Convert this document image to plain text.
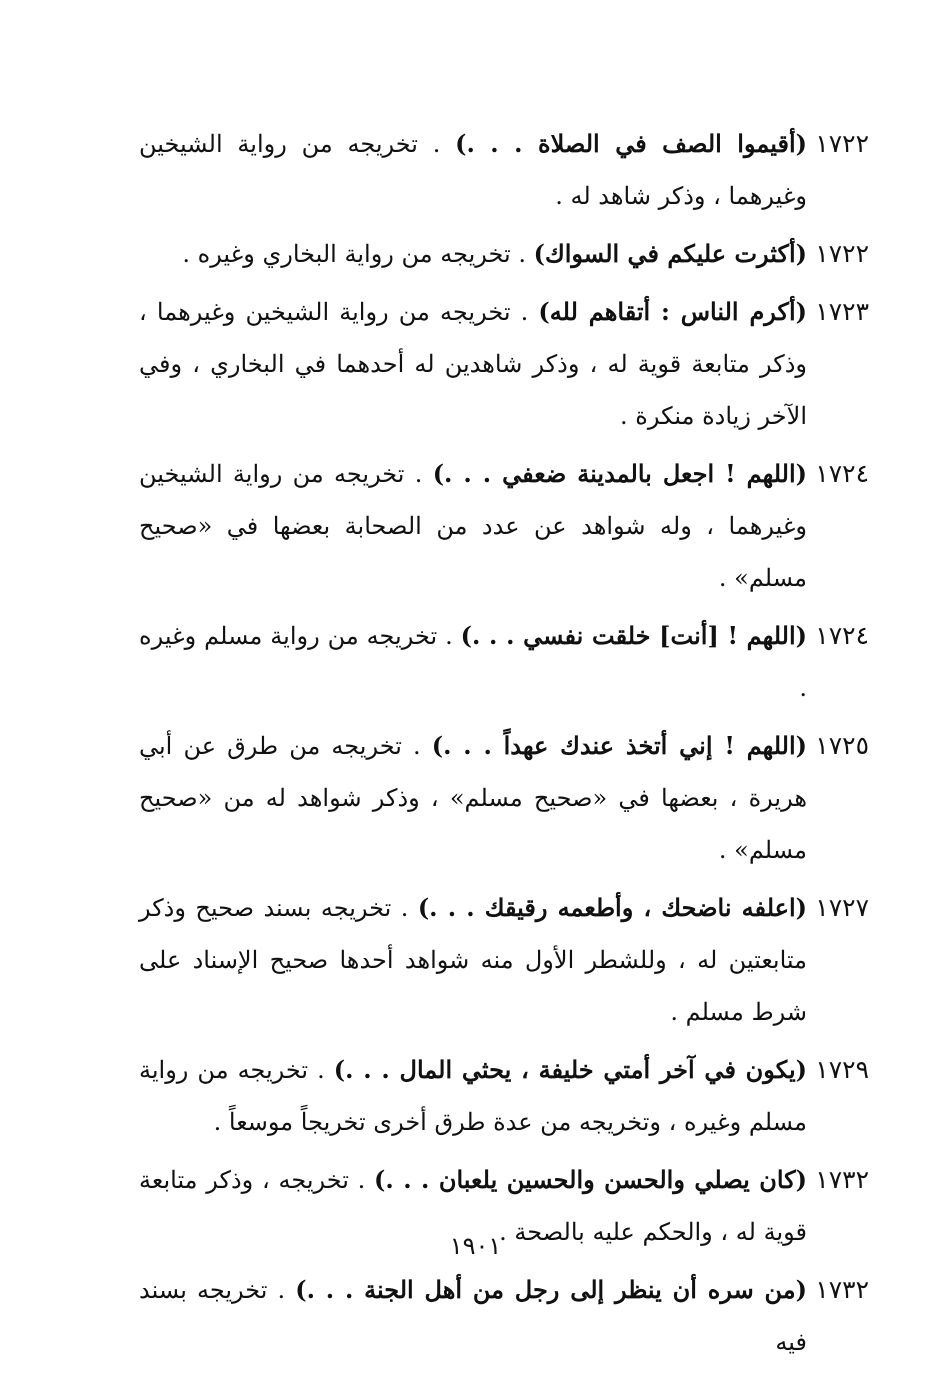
١٧٢٢
(أقيموا الصف في الصلاة . . .) . تخريجه من رواية الشيخين وغيرهما ، وذكر شاهد له .
١٧٢٢
(أكثرت عليكم في السواك) . تخريجه من رواية البخاري وغيره .
١٧٢٣
(أكرم الناس : أتقاهم لله) . تخريجه من رواية الشيخين وغيرهما ، وذكر متابعة قوية له ، وذكر شاهدين له أحدهما في البخاري ، وفي الآخر زيادة منكرة .
١٧٢٤
(اللهم ! اجعل بالمدينة ضعفي . . .) . تخريجه من رواية الشيخين وغيرهما ، وله شواهد عن عدد من الصحابة بعضها في «صحيح مسلم» .
١٧٢٤
(اللهم ! [أنت] خلقت نفسي . . .) . تخريجه من رواية مسلم وغيره .
١٧٢٥
(اللهم ! إني أتخذ عندك عهداً . . .) . تخريجه من طرق عن أبي هريرة ، بعضها في «صحيح مسلم» ، وذكر شواهد له من «صحيح مسلم» .
١٧٢٧
(اعلفه ناضحك ، وأطعمه رقيقك . . .) . تخريجه بسند صحيح وذكر متابعتين له ، وللشطر الأول منه شواهد أحدها صحيح الإسناد على شرط مسلم .
١٧٢٩
(يكون في آخر أمتي خليفة ، يحثي المال . . .) . تخريجه من رواية مسلم وغيره ، وتخريجه من عدة طرق أخرى تخريجاً موسعاً .
١٧٣٢
(كان يصلي والحسن والحسين يلعبان . . .) . تخريجه ، وذكر متابعة قوية له ، والحكم عليه بالصحة .
١٧٣٢
(من سره أن ينظر إلى رجل من أهل الجنة . . .) . تخريجه بسند فيه
١٩٠١
